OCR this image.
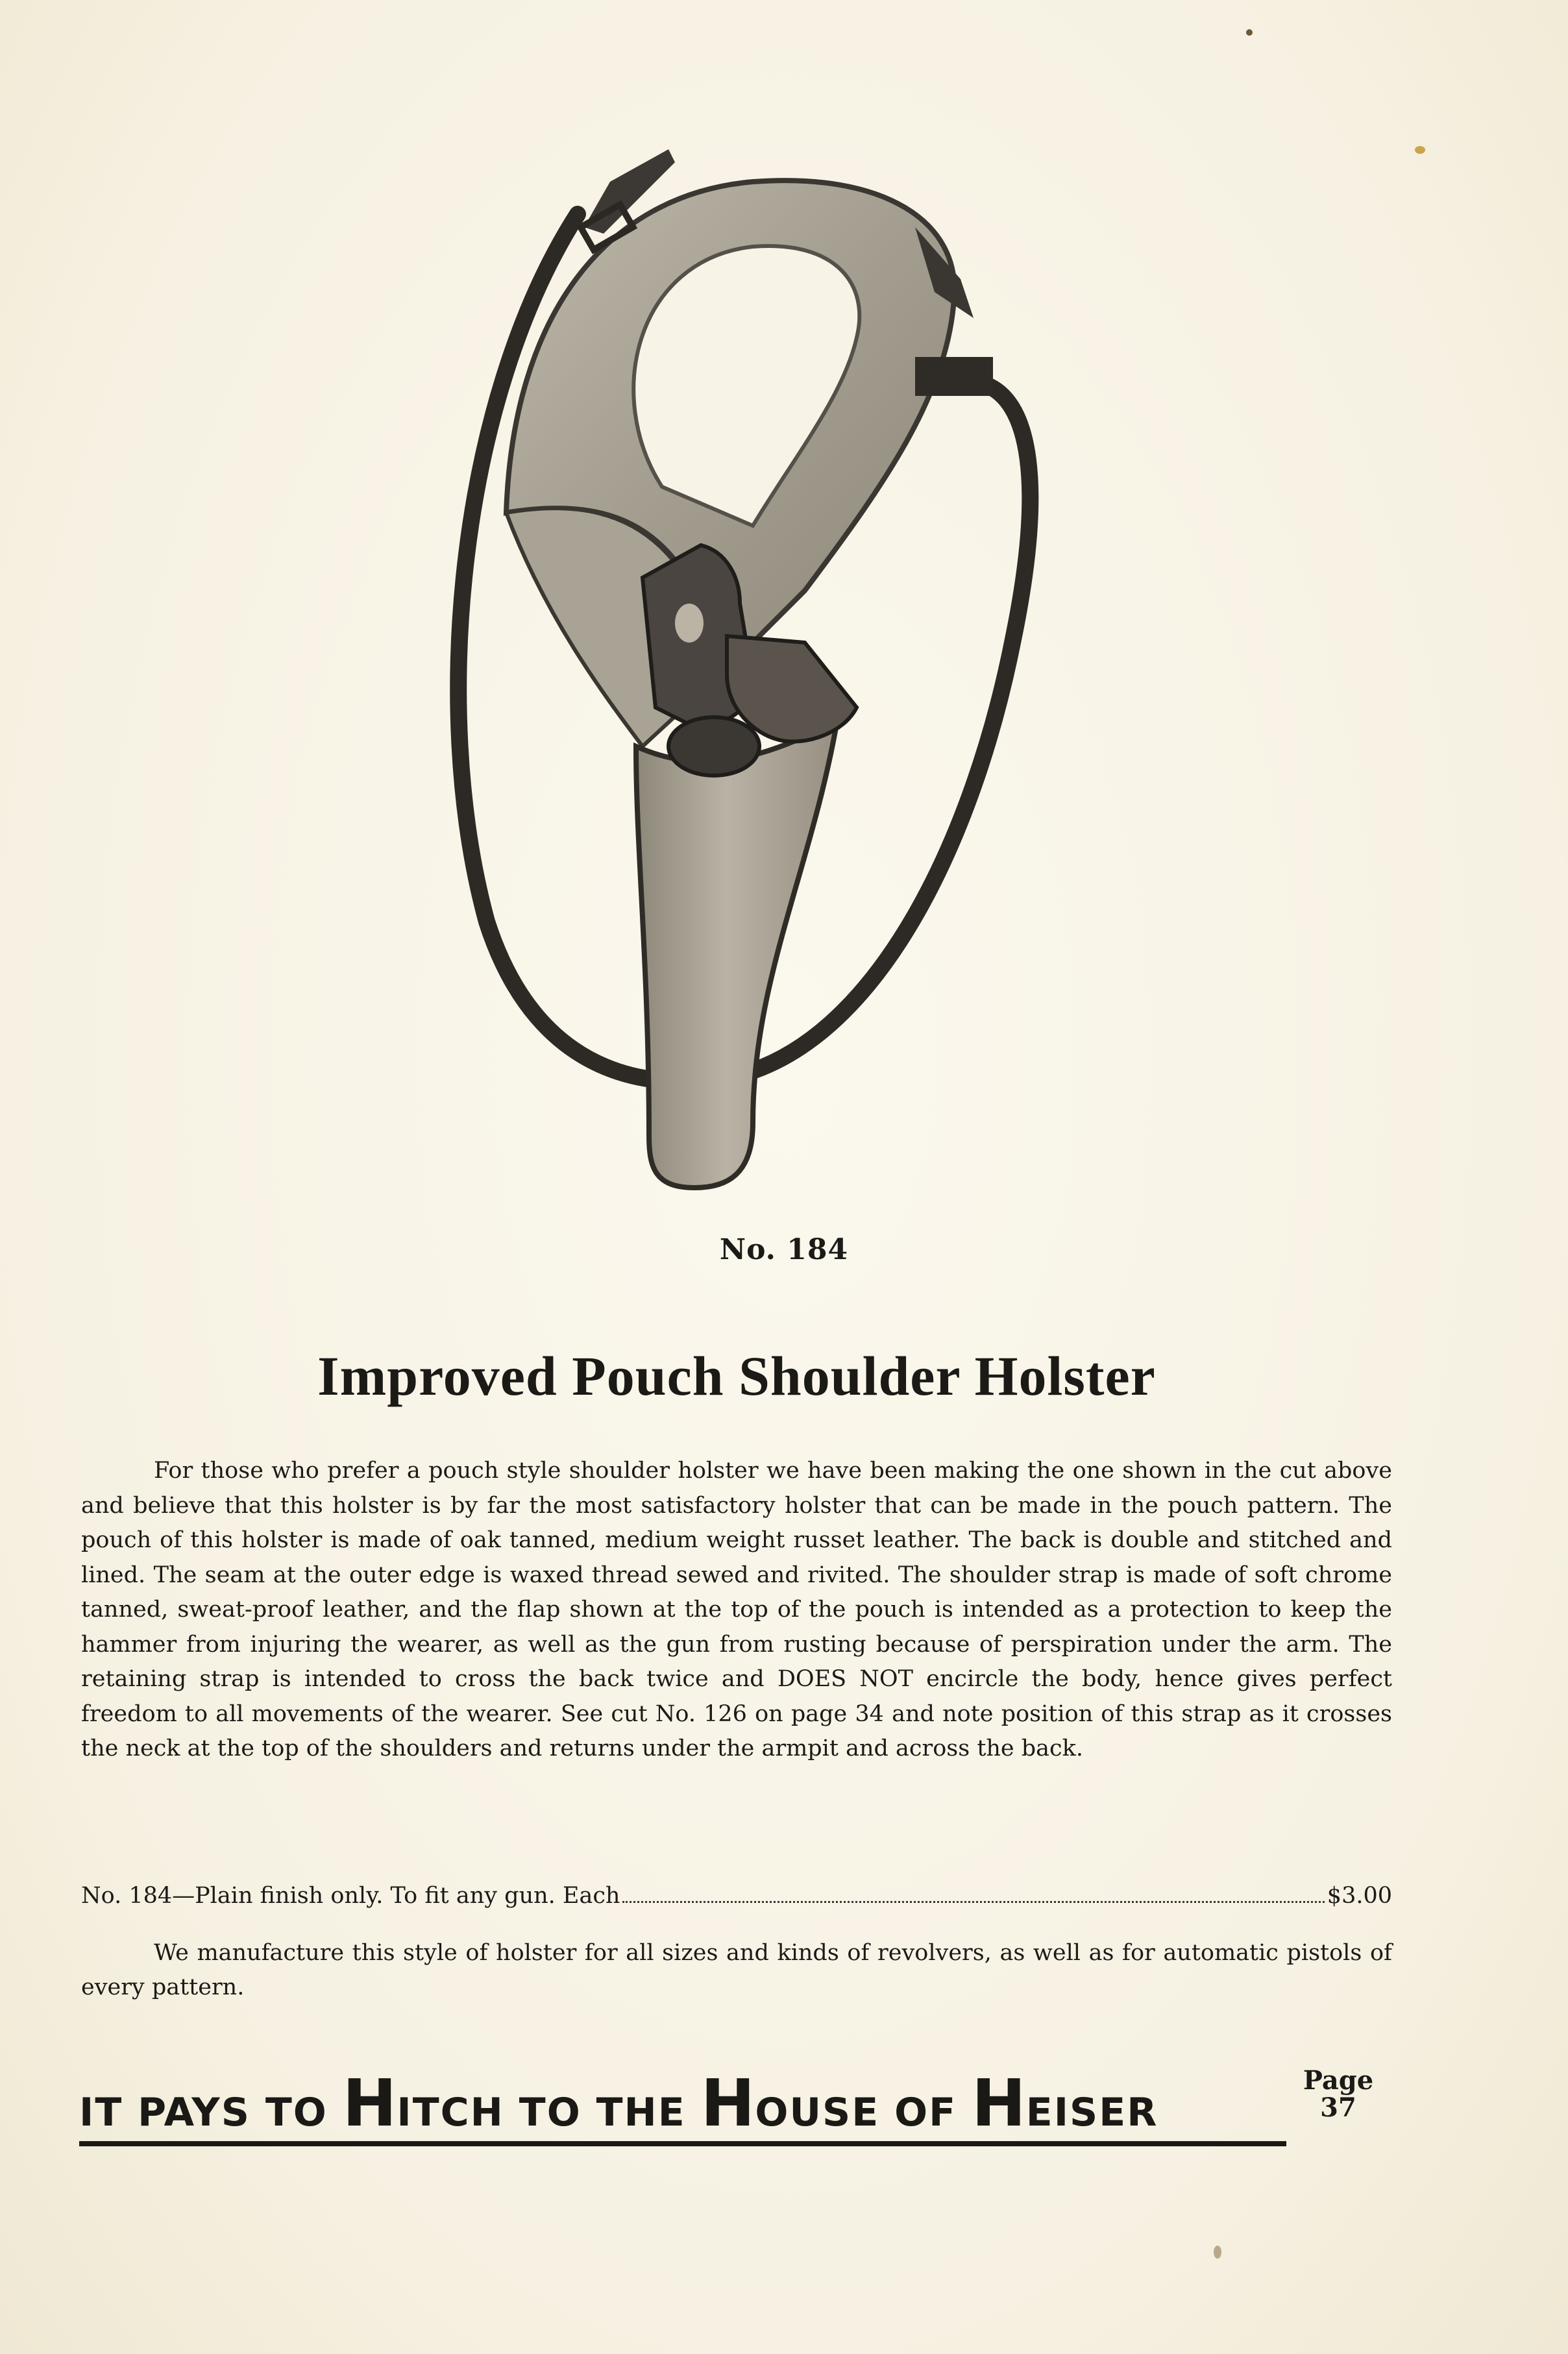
No. 184
Improved Pouch Shoulder Holster

For those who prefer a pouch style shoulder holster we have been making the one shown in the cut above and believe that this holster is by far the most satisfactory holster that can be made in the pouch pattern. The pouch of this holster is made of oak tanned, medium weight russet leather. The back is double and stitched and lined. The seam at the outer edge is waxed thread sewed and rivited. The shoulder strap is made of soft chrome tanned, sweat-proof leather, and the flap shown at the top of the pouch is intended as a protection to keep the hammer from injuring the wearer, as well as the gun from rusting because of perspiration under the arm. The retaining strap is intended to cross the back twice and DOES NOT encircle the body, hence gives perfect freedom to all movements of the wearer. See cut No. 126 on page 34 and note position of this strap as it crosses the neck at the top of the shoulders and returns under the armpit and across the back.

No. 184—Plain finish only. To fit any gun. Each	$3.00

We manufacture this style of holster for all sizes and kinds of revolvers, as well as for automatic pistols of every pattern.

IT PAYS TO HITCH TO THE HOUSE OF HEISER
Page
37
